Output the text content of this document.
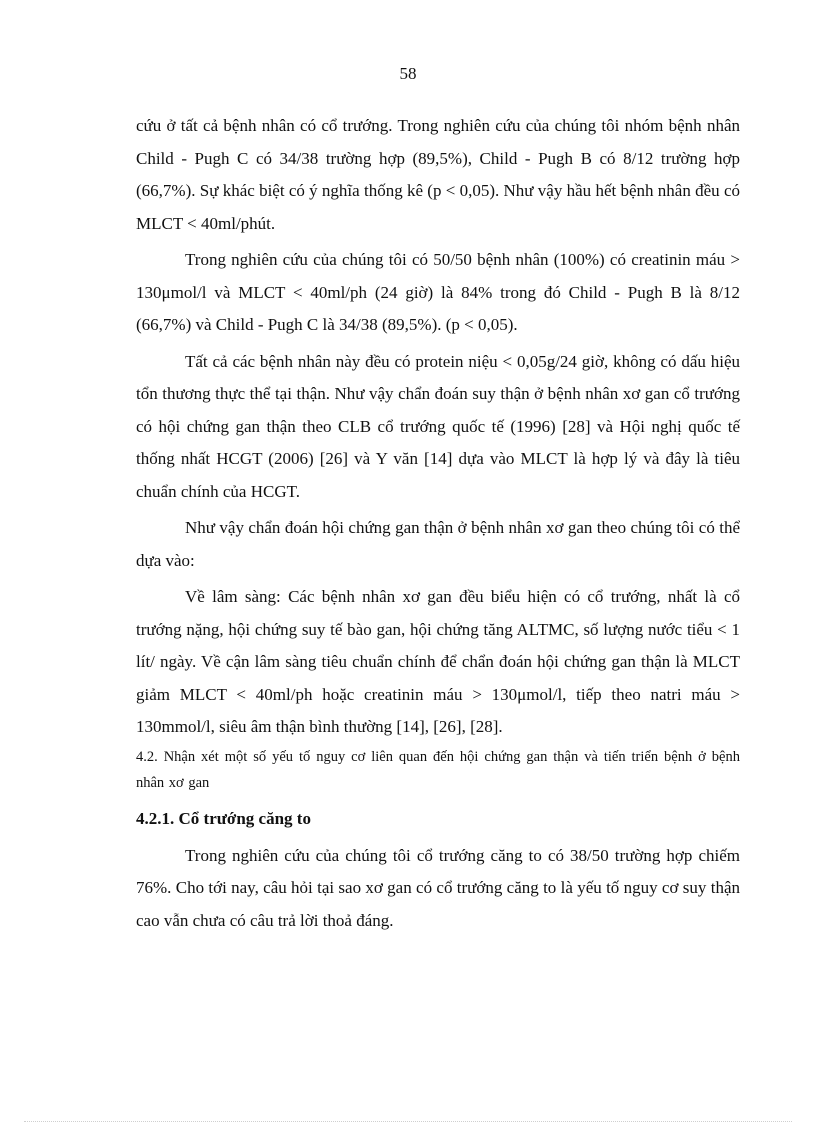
58

cứu ở tất cả bệnh nhân có cổ trướng. Trong nghiên cứu của chúng tôi nhóm bệnh nhân Child - Pugh C có 34/38 trường hợp (89,5%), Child - Pugh B có 8/12 trường hợp (66,7%). Sự khác biệt có ý nghĩa thống kê (p < 0,05). Như vậy hầu hết bệnh nhân đều có MLCT < 40ml/phút.

Trong nghiên cứu của chúng tôi có 50/50 bệnh nhân (100%) có creatinin máu > 130μmol/l và MLCT < 40ml/ph (24 giờ) là 84% trong đó Child - Pugh B là 8/12 (66,7%) và Child - Pugh C là 34/38 (89,5%). (p < 0,05).

Tất cả các bệnh nhân này đều có protein niệu < 0,05g/24 giờ, không có dấu hiệu tổn thương thực thể tại thận. Như vậy chẩn đoán suy thận ở bệnh nhân xơ gan cổ trướng có hội chứng gan thận theo CLB cổ trướng quốc tế (1996) [28] và Hội nghị quốc tế thống nhất HCGT (2006) [26] và Y văn [14] dựa vào MLCT là hợp lý và đây là tiêu chuẩn chính của HCGT.

Như vậy chẩn đoán hội chứng gan thận ở bệnh nhân xơ gan theo chúng tôi có thể dựa vào:

Về lâm sàng: Các bệnh nhân xơ gan đều biểu hiện có cổ trướng, nhất là cổ trướng nặng, hội chứng suy tế bào gan, hội chứng tăng ALTMC, số lượng nước tiểu < 1 lít/ ngày. Về cận lâm sàng tiêu chuẩn chính để chẩn đoán hội chứng gan thận là MLCT giảm MLCT < 40ml/ph hoặc creatinin máu > 130μmol/l, tiếp theo natri máu > 130mmol/l, siêu âm thận bình thường [14], [26], [28].

4.2. Nhận xét một số yếu tố nguy cơ liên quan đến hội chứng gan thận và tiến triển bệnh ở bệnh nhân xơ gan
4.2.1. Cổ trướng căng to

Trong nghiên cứu của chúng tôi cổ trướng căng to có 38/50 trường hợp chiếm 76%. Cho tới nay, câu hỏi tại sao xơ gan có cổ trướng căng to là yếu tố nguy cơ suy thận cao vẫn chưa có câu trả lời thoả đáng.
